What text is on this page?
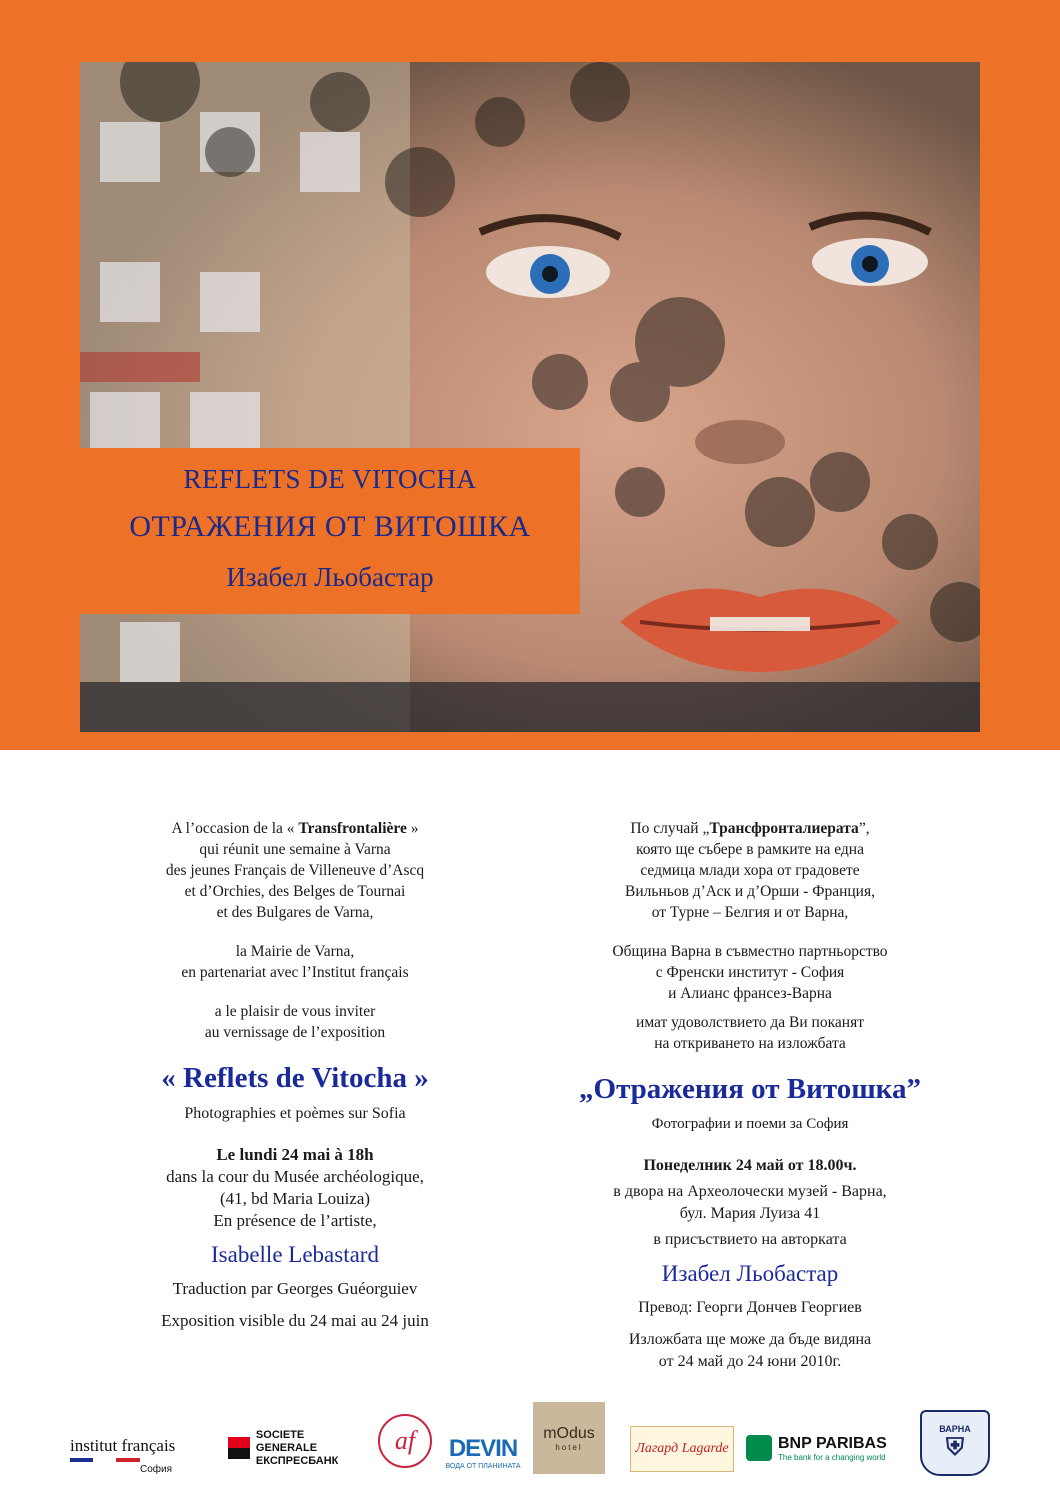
REFLETS DE VITOCHA
ОТРАЖЕНИЯ ОТ ВИТОШКА
Изабел Льобастар
A l’occasion de la « Transfrontalière »
qui réunit une semaine à Varna
des jeunes Français de Villeneuve d’Ascq
et d’Orchies, des Belges de Tournai
et des Bulgares de Varna,
la Mairie de Varna,
en partenariat avec l’Institut français
a le plaisir de vous inviter
au vernissage de l’exposition
« Reflets de Vitocha »
Photographies et poèmes sur Sofia
Le lundi 24 mai à 18h
dans la cour du Musée archéologique,
(41, bd Maria Louiza)
En présence de l’artiste,
Isabelle Lebastard
Traduction par Georges Guéorguiev
Exposition visible du 24 mai au 24 juin
По случай „Трансфронталиерата”,
която ще събере в рамките на една
седмица млади хора от градовете
Вильньов д’Аск и д’Орши - Франция,
от Турне – Белгия и от Варна,
Община Варна в съвместно партньорство
с Френски институт - София
и Алианс франсез-Варна
имат удоволствието да Ви поканят
на откриването на изложбата
„Отражения от Витошка”
Фотографии и поеми за София
Понеделник 24 май от 18.00ч.
в двора на Археолочески музей - Варна,
бул. Мария Луиза 41
в присъствието на авторката
Изабел Льобастар
Превод: Георги Дончев Георгиев
Изложбата ще може да бъде видяна
от 24 май до 24 юни 2010г.
institut français
София
SOCIETE GENERALE
ЕКСПРЕСБАНК
af	DEVIN
ВОДА ОТ ПЛАНИНАТА
mOdus
hotel	Лагард Lagarde	BNP PARIBAS
The bank for a changing world
ВАРНА
⛨
